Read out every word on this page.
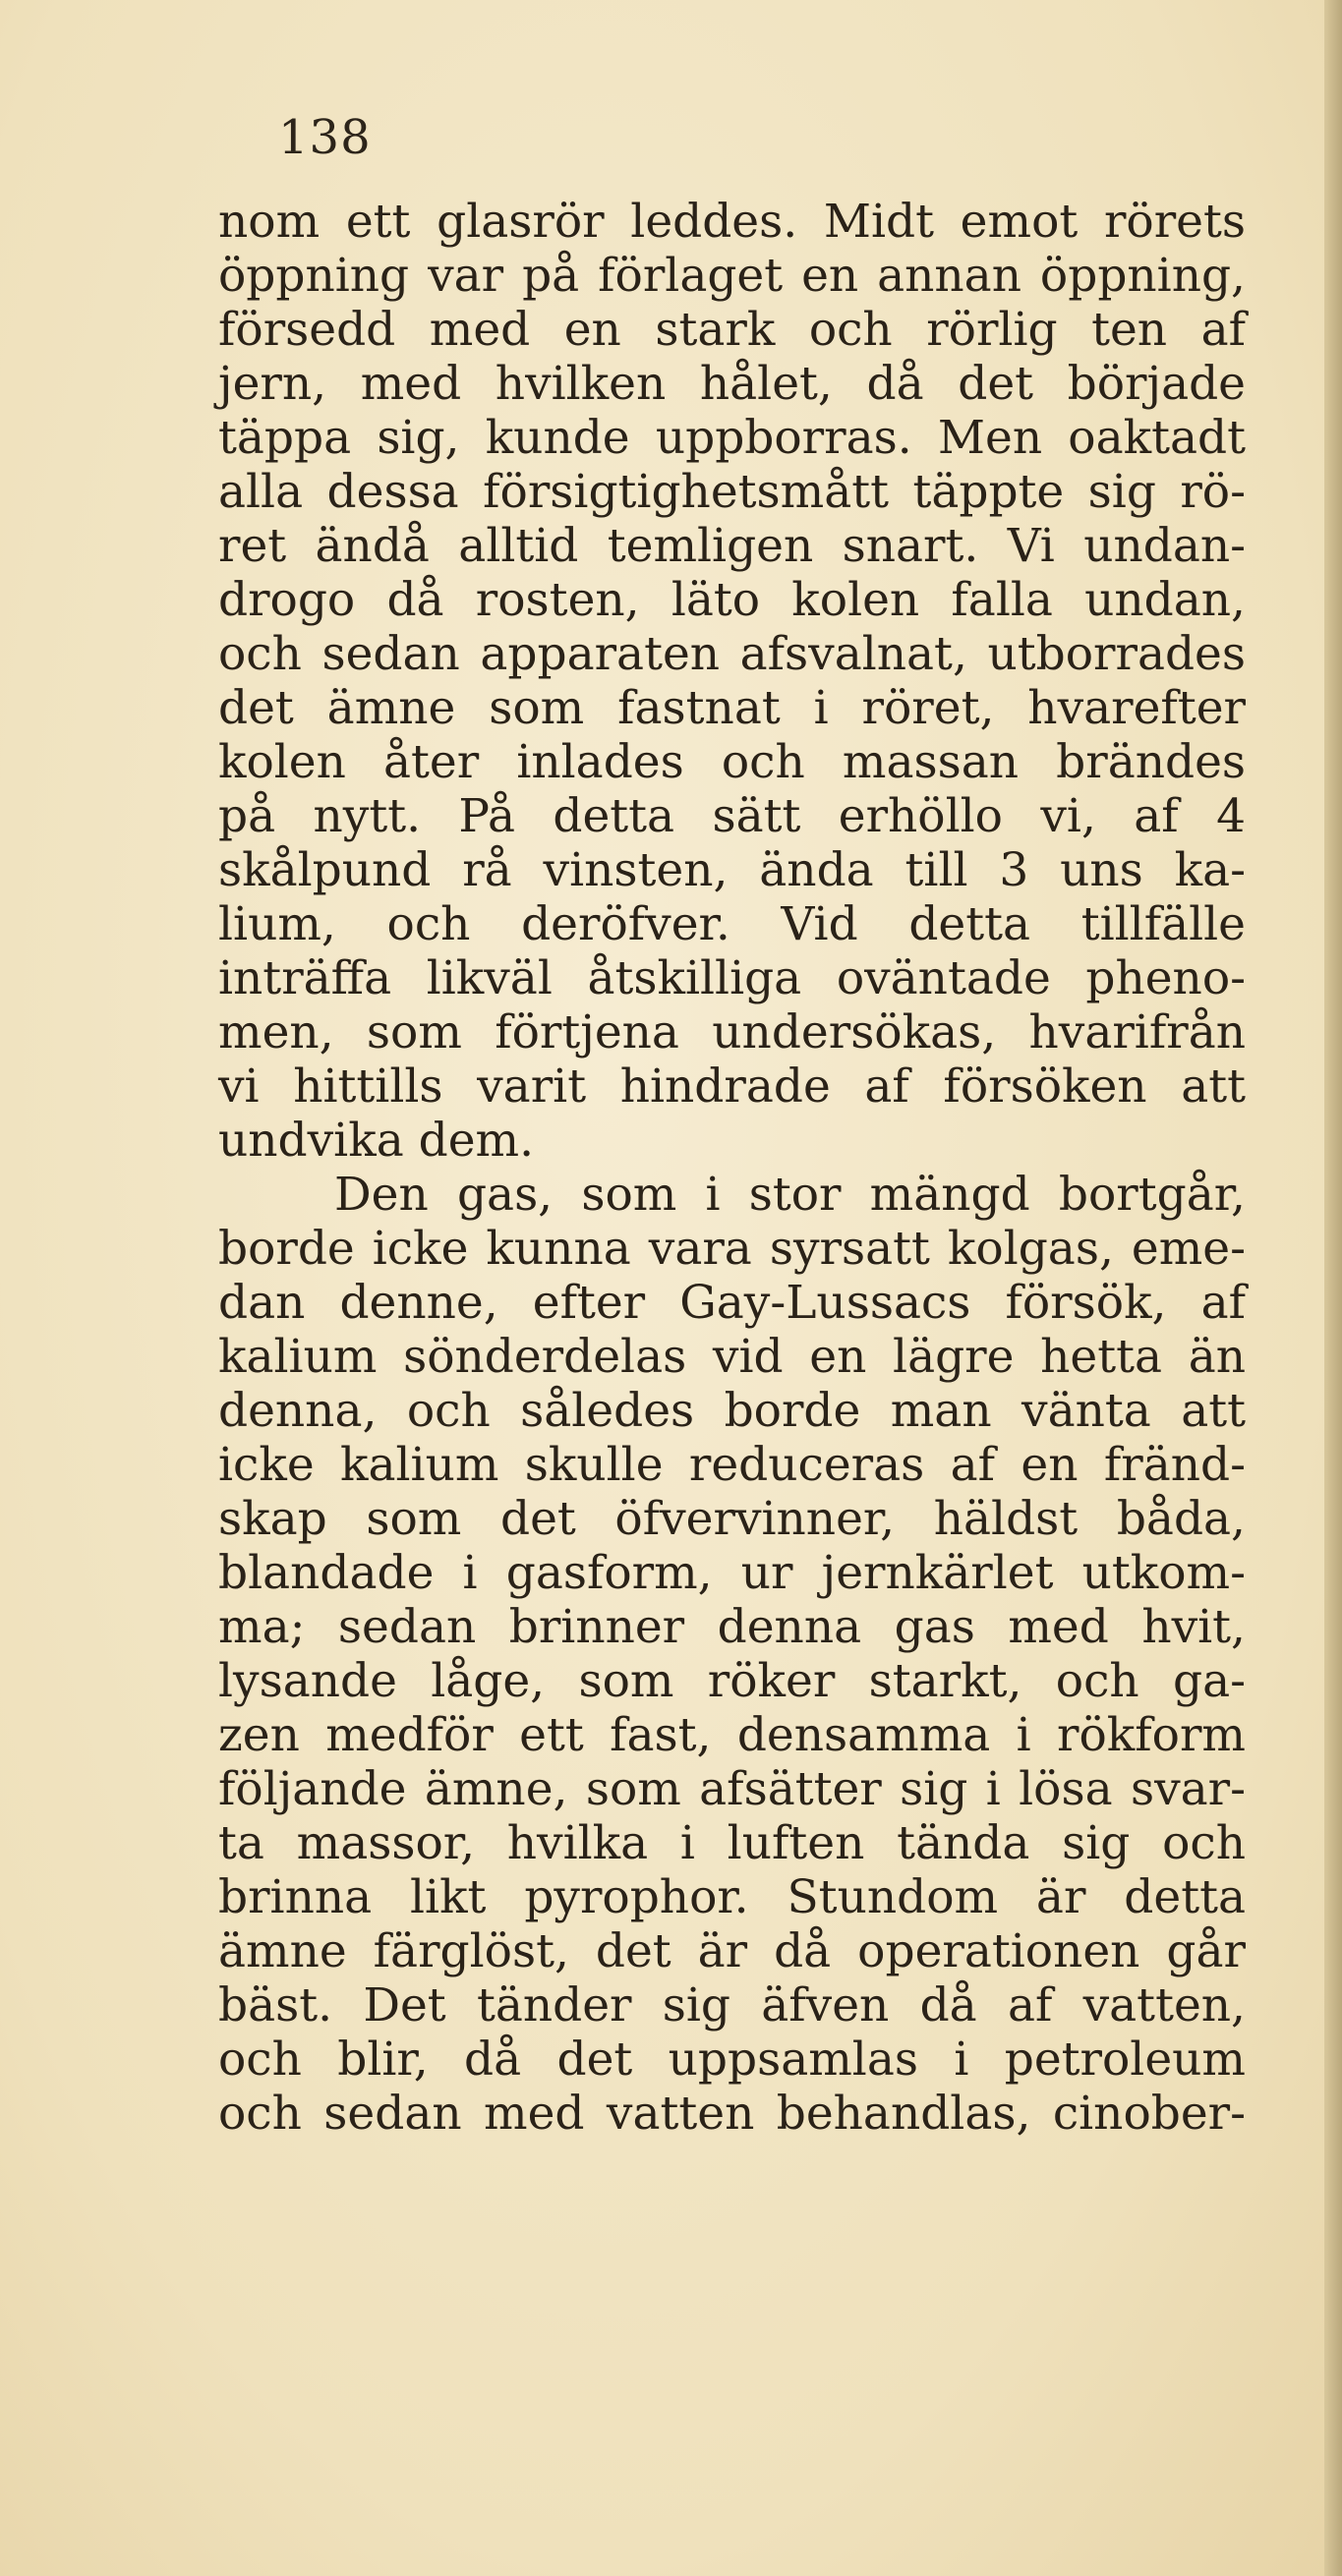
138
nom ett glasrör leddes. Midt emot rörets
öppning var på förlaget en annan öppning,
försedd med en stark och rörlig ten af
jern, med hvilken hålet, då det började
täppa sig, kunde uppborras. Men oaktadt
alla dessa försigtighetsmått täppte sig rö-
ret ändå alltid temligen snart. Vi undan-
drogo då rosten, läto kolen falla undan,
och sedan apparaten afsvalnat, utborrades
det ämne som fastnat i röret, hvarefter
kolen åter inlades och massan brändes
på nytt. På detta sätt erhöllo vi, af 4
skålpund rå vinsten, ända till 3 uns ka-
lium, och deröfver. Vid detta tillfälle
inträffa likväl åtskilliga oväntade pheno-
men, som förtjena undersökas, hvarifrån
vi hittills varit hindrade af försöken att
undvika dem.
Den gas, som i stor mängd bortgår,
borde icke kunna vara syrsatt kolgas, eme-
dan denne, efter Gay-Lussacs försök, af
kalium sönderdelas vid en lägre hetta än
denna, och således borde man vänta att
icke kalium skulle reduceras af en fränd-
skap som det öfvervinner, häldst båda,
blandade i gasform, ur jernkärlet utkom-
ma; sedan brinner denna gas med hvit,
lysande låge, som röker starkt, och ga-
zen medför ett fast, densamma i rökform
följande ämne, som afsätter sig i lösa svar-
ta massor, hvilka i luften tända sig och
brinna likt pyrophor. Stundom är detta
ämne färglöst, det är då operationen går
bäst. Det tänder sig äfven då af vatten,
och blir, då det uppsamlas i petroleum
och sedan med vatten behandlas, cinober-
